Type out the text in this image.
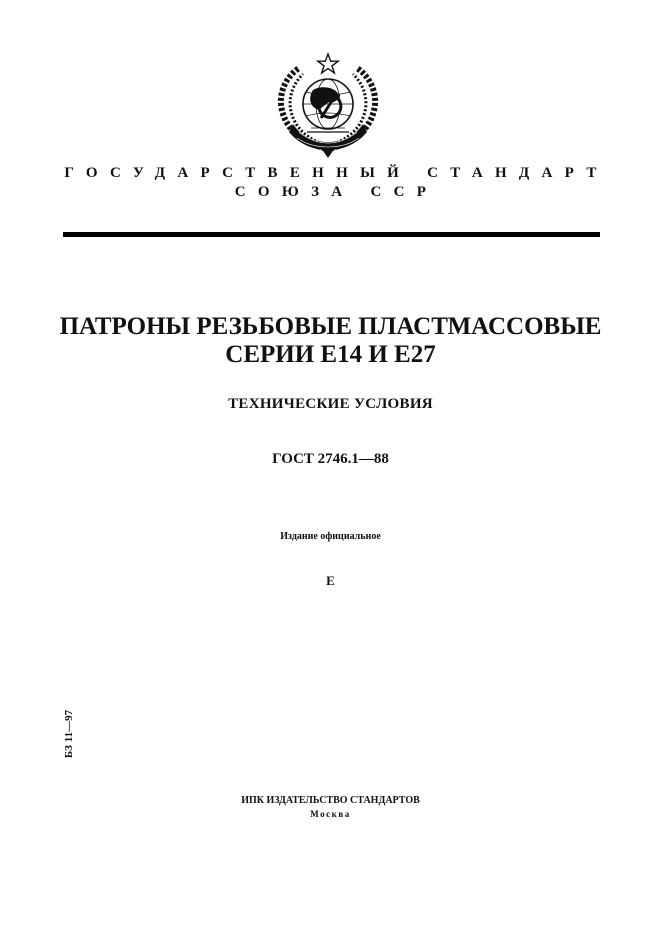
ГОСУДАРСТВЕННЫЙ СТАНДАРТ
СОЮЗА ССР
ПАТРОНЫ РЕЗЬБОВЫЕ ПЛАСТМАССОВЫЕ
СЕРИИ Е14 И Е27
ТЕХНИЧЕСКИЕ УСЛОВИЯ
ГОСТ 2746.1—88
Издание официальное
Е
БЗ 11—97
ИПК ИЗДАТЕЛЬСТВО СТАНДАРТОВ
Москва
